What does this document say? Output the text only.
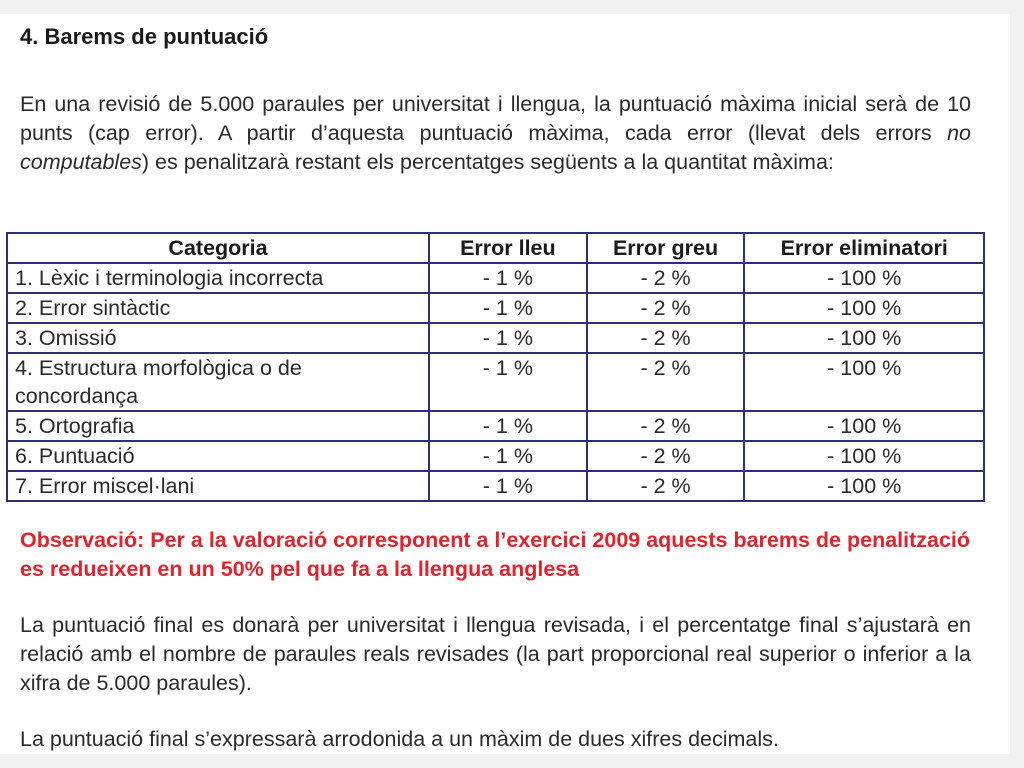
4. Barems de puntuació

En una revisió de 5.000 paraules per universitat i llengua, la puntuació màxima inicial serà de 10 punts (cap error). A partir d’aquesta puntuació màxima, cada error (llevat dels errors no computables) es penalitzarà restant els percentatges següents a la quantitat màxima:

Categoria	Error lleu	Error greu	Error eliminatori
1. Lèxic i terminologia incorrecta	- 1 %	- 2 %	- 100 %
2. Error sintàctic	- 1 %	- 2 %	- 100 %
3. Omissió	- 1 %	- 2 %	- 100 %
4. Estructura morfològica o de concordança	- 1 %	- 2 %	- 100 %
5. Ortografia	- 1 %	- 2 %	- 100 %
6. Puntuació	- 1 %	- 2 %	- 100 %
7. Error miscel·lani	- 1 %	- 2 %	- 100 %

Observació: Per a la valoració corresponent a l’exercici 2009 aquests barems de penalització es redueixen en un 50% pel que fa a la llengua anglesa

La puntuació final es donarà per universitat i llengua revisada, i el percentatge final s’ajustarà en relació amb el nombre de paraules reals revisades (la part proporcional real superior o inferior a la xifra de 5.000 paraules).

La puntuació final s’expressarà arrodonida a un màxim de dues xifres decimals.
